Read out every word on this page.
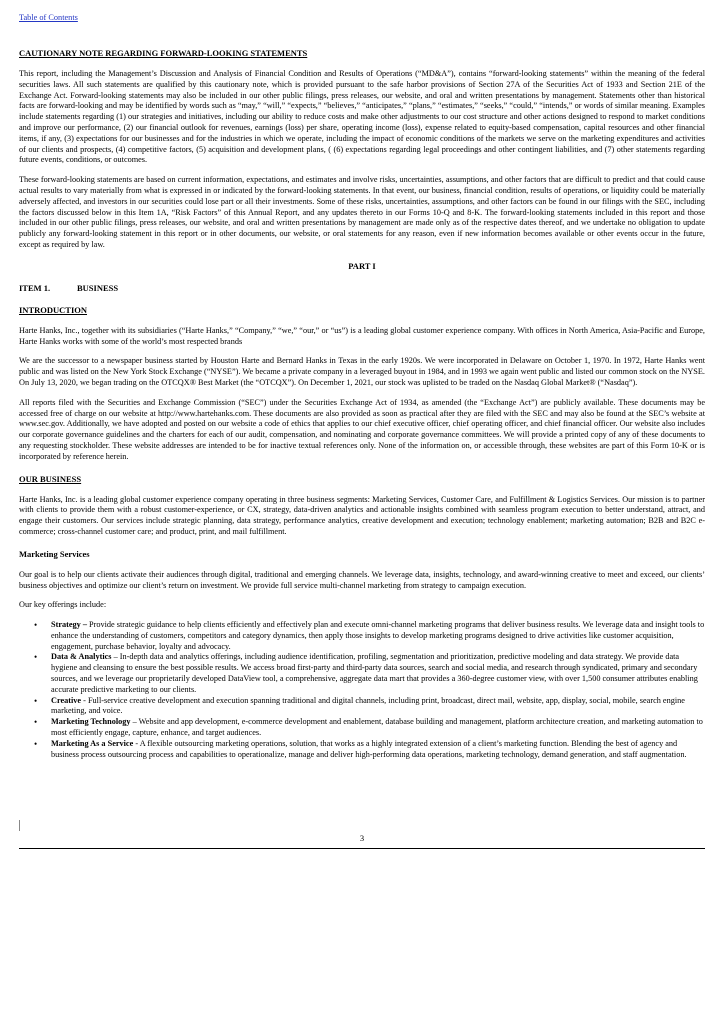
Table of Contents
CAUTIONARY NOTE REGARDING FORWARD-LOOKING STATEMENTS

This report, including the Management’s Discussion and Analysis of Financial Condition and Results of Operations (“MD&A”), contains “forward-looking statements” within the meaning of the federal securities laws. All such statements are qualified by this cautionary note, which is provided pursuant to the safe harbor provisions of Section 27A of the Securities Act of 1933 and Section 21E of the Exchange Act. Forward-looking statements may also be included in our other public filings, press releases, our website, and oral and written presentations by management. Statements other than historical facts are forward-looking and may be identified by words such as “may,” “will,” “expects,” “believes,” “anticipates,” “plans,” “estimates,” “seeks,” “could,” “intends,” or words of similar meaning. Examples include statements regarding (1) our strategies and initiatives, including our ability to reduce costs and make other adjustments to our cost structure and other actions designed to respond to market conditions and improve our performance, (2) our financial outlook for revenues, earnings (loss) per share, operating income (loss), expense related to equity-based compensation, capital resources and other financial items, if any, (3) expectations for our businesses and for the industries in which we operate, including the impact of economic conditions of the markets we serve on the marketing expenditures and activities of our clients and prospects, (4) competitive factors, (5) acquisition and development plans, ( (6) expectations regarding legal proceedings and other contingent liabilities, and (7) other statements regarding future events, conditions, or outcomes.

These forward-looking statements are based on current information, expectations, and estimates and involve risks, uncertainties, assumptions, and other factors that are difficult to predict and that could cause actual results to vary materially from what is expressed in or indicated by the forward-looking statements. In that event, our business, financial condition, results of operations, or liquidity could be materially adversely affected, and investors in our securities could lose part or all their investments. Some of these risks, uncertainties, assumptions, and other factors can be found in our filings with the SEC, including the factors discussed below in this Item 1A, “Risk Factors” of this Annual Report, and any updates thereto in our Forms 10-Q and 8-K. The forward-looking statements included in this report and those included in our other public filings, press releases, our website, and oral and written presentations by management are made only as of the respective dates thereof, and we undertake no obligation to update publicly any forward-looking statement in this report or in other documents, our website, or oral statements for any reason, even if new information becomes available or other events occur in the future, except as required by law.

PART I
ITEM 1.	BUSINESS
INTRODUCTION

Harte Hanks, Inc., together with its subsidiaries (“Harte Hanks,” “Company,” “we,” “our,” or “us”) is a leading global customer experience company. With offices in North America, Asia-Pacific and Europe, Harte Hanks works with some of the world’s most respected brands

We are the successor to a newspaper business started by Houston Harte and Bernard Hanks in Texas in the early 1920s. We were incorporated in Delaware on October 1, 1970. In 1972, Harte Hanks went public and was listed on the New York Stock Exchange (“NYSE”). We became a private company in a leveraged buyout in 1984, and in 1993 we again went public and listed our common stock on the NYSE. On July 13, 2020, we began trading on the OTCQX® Best Market (the “OTCQX”). On December 1, 2021, our stock was uplisted to be traded on the Nasdaq Global Market® (“Nasdaq”).

All reports filed with the Securities and Exchange Commission (“SEC”) under the Securities Exchange Act of 1934, as amended (the “Exchange Act”) are publicly available. These documents may be accessed free of charge on our website at http://www.hartehanks.com. These documents are also provided as soon as practical after they are filed with the SEC and may also be found at the SEC’s website at www.sec.gov. Additionally, we have adopted and posted on our website a code of ethics that applies to our chief executive officer, chief operating officer, and chief financial officer. Our website also includes our corporate governance guidelines and the charters for each of our audit, compensation, and nominating and corporate governance committees. We will provide a printed copy of any of these documents to any requesting stockholder. These website addresses are intended to be for inactive textual references only. None of the information on, or accessible through, these websites are part of this Form 10-K or is incorporated by reference herein.

OUR BUSINESS

Harte Hanks, Inc. is a leading global customer experience company operating in three business segments: Marketing Services, Customer Care, and Fulfillment & Logistics Services. Our mission is to partner with clients to provide them with a robust customer-experience, or CX, strategy, data-driven analytics and actionable insights combined with seamless program execution to better understand, attract, and engage their customers. Our services include strategic planning, data strategy, performance analytics, creative development and execution; technology enablement; marketing automation; B2B and B2C e-commerce; cross-channel customer care; and product, print, and mail fulfillment.

Marketing Services

Our goal is to help our clients activate their audiences through digital, traditional and emerging channels. We leverage data, insights, technology, and award-winning creative to meet and exceed, our clients’ business objectives and optimize our client’s return on investment. We provide full service multi-channel marketing from strategy to campaign execution.

Our key offerings include:

• Strategy – Provide strategic guidance to help clients efficiently and effectively plan and execute omni-channel marketing programs that deliver business results. We leverage data and insight tools to enhance the understanding of customers, competitors and category dynamics, then apply those insights to develop marketing programs designed to drive activities like customer acquisition, engagement, purchase behavior, loyalty and advocacy.
• Data & Analytics – In-depth data and analytics offerings, including audience identification, profiling, segmentation and prioritization, predictive modeling and data strategy. We provide data hygiene and cleansing to ensure the best possible results. We access broad first-party and third-party data sources, search and social media, and research through syndicated, primary and secondary sources, and we leverage our proprietarily developed DataView tool, a comprehensive, aggregate data mart that provides a 360-degree customer view, with over 1,500 consumer attributes enabling accurate predictive marketing to our clients.
• Creative - Full-service creative development and execution spanning traditional and digital channels, including print, broadcast, direct mail, website, app, display, social, mobile, search engine marketing, and voice.
• Marketing Technology – Website and app development, e-commerce development and enablement, database building and management, platform architecture creation, and marketing automation to most efficiently engage, capture, enhance, and target audiences.
• Marketing As a Service - A flexible outsourcing marketing operations, solution, that works as a highly integrated extension of a client’s marketing function. Blending the best of agency and business process outsourcing process and capabilities to operationalize, manage and deliver high-performing data operations, marketing technology, demand generation, and staff augmentation.
3
